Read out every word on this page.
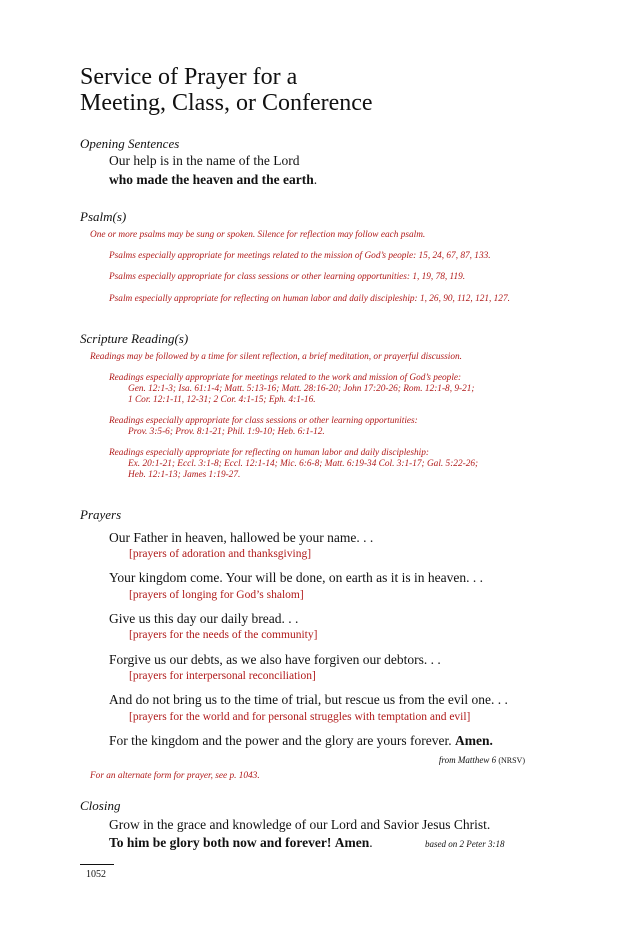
Service of Prayer for a
Meeting, Class, or Conference

Opening Sentences

Our help is in the name of the Lord

who made the heaven and the earth.

Psalm(s)

One or more psalms may be sung or spoken. Silence for reflection may follow each psalm.

Psalms especially appropriate for meetings related to the mission of God’s people: 15, 24, 67, 87, 133.

Psalms especially appropriate for class sessions or other learning opportunities: 1, 19, 78, 119.

Psalm especially appropriate for reflecting on human labor and daily discipleship: 1, 26, 90, 112, 121, 127.

Scripture Reading(s)

Readings may be followed by a time for silent reflection, a brief meditation, or prayerful discussion.

Readings especially appropriate for meetings related to the work and mission of God’s people:
Gen. 12:1-3; Isa. 61:1-4; Matt. 5:13-16; Matt. 28:16-20; John 17:20-26; Rom. 12:1-8, 9-21;
1 Cor. 12:1-11, 12-31; 2 Cor. 4:1-15; Eph. 4:1-16.
Readings especially appropriate for class sessions or other learning opportunities:
Prov. 3:5-6; Prov. 8:1-21; Phil. 1:9-10; Heb. 6:1-12.
Readings especially appropriate for reflecting on human labor and daily discipleship:
Ex. 20:1-21; Eccl. 3:1-8; Eccl. 12:1-14; Mic. 6:6-8; Matt. 6:19-34 Col. 3:1-17; Gal. 5:22-26;
Heb. 12:1-13; James 1:19-27.

Prayers

Our Father in heaven, hallowed be your name. . .

[prayers of adoration and thanksgiving]

Your kingdom come. Your will be done, on earth as it is in heaven. . .

[prayers of longing for God’s shalom]

Give us this day our daily bread. . .

[prayers for the needs of the community]

Forgive us our debts, as we also have forgiven our debtors. . .

[prayers for interpersonal reconciliation]

And do not bring us to the time of trial, but rescue us from the evil one. . .

[prayers for the world and for personal struggles with temptation and evil]

For the kingdom and the power and the glory are yours forever. Amen.

from Matthew 6 (NRSV)

For an alternate form for prayer, see p. 1043.

Closing

Grow in the grace and knowledge of our Lord and Savior Jesus Christ.

To him be glory both now and forever! Amen.	based on 2 Peter 3:18

1052
